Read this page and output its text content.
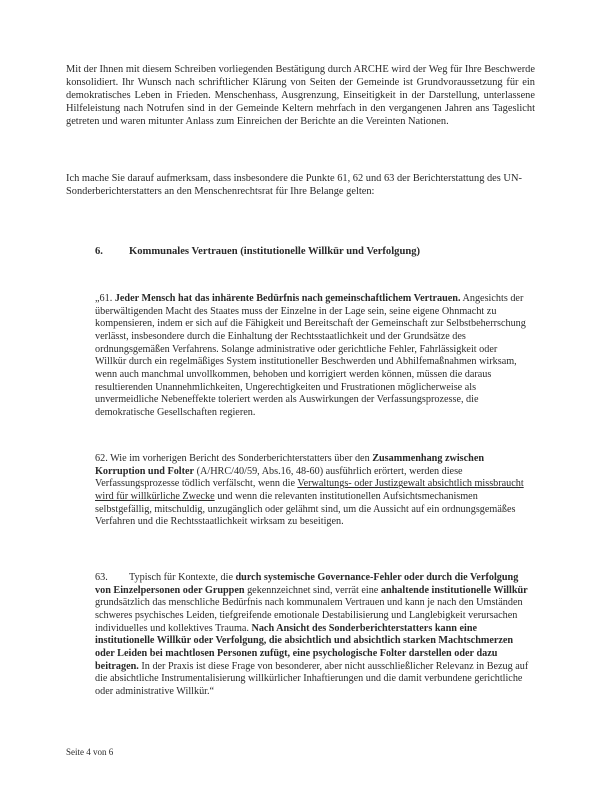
Mit der Ihnen mit diesem Schreiben vorliegenden Bestätigung durch ARCHE wird der Weg für Ihre Beschwerde konsolidiert. Ihr Wunsch nach schriftlicher Klärung von Seiten der Gemeinde ist Grundvoraussetzung für ein demokratisches Leben in Frieden. Menschenhass, Ausgrenzung, Einseitigkeit in der Darstellung, unterlassene Hilfeleistung nach Notrufen sind in der Gemeinde Keltern mehrfach in den vergangenen Jahren ans Tageslicht getreten und waren mitunter Anlass zum Einreichen der Berichte an die Vereinten Nationen.

Ich mache Sie darauf aufmerksam, dass insbesondere die Punkte 61, 62 und 63 der Berichterstattung des UN-Sonderberichterstatters an den Menschenrechtsrat für Ihre Belange gelten:

6. Kommunales Vertrauen (institutionelle Willkür und Verfolgung)

„61. Jeder Mensch hat das inhärente Bedürfnis nach gemeinschaftlichem Vertrauen. Angesichts der überwältigenden Macht des Staates muss der Einzelne in der Lage sein, seine eigene Ohnmacht zu kompensieren, indem er sich auf die Fähigkeit und Bereitschaft der Gemeinschaft zur Selbstbeherrschung verlässt, insbesondere durch die Einhaltung der Rechtsstaatlichkeit und der Grundsätze des ordnungsgemäßen Verfahrens. Solange administrative oder gerichtliche Fehler, Fahrlässigkeit oder Willkür durch ein regelmäßiges System institutioneller Beschwerden und Abhilfemaßnahmen wirksam, wenn auch manchmal unvollkommen, behoben und korrigiert werden können, müssen die daraus resultierenden Unannehmlichkeiten, Ungerechtigkeiten und Frustrationen möglicherweise als unvermeidliche Nebeneffekte toleriert werden als Auswirkungen der Verfassungsprozesse, die demokratische Gesellschaften regieren.

62. Wie im vorherigen Bericht des Sonderberichterstatters über den Zusammenhang zwischen Korruption und Folter (A/HRC/40/59, Abs.16, 48-60) ausführlich erörtert, werden diese Verfassungsprozesse tödlich verfälscht, wenn die Verwaltungs- oder Justizgewalt absichtlich missbraucht wird für willkürliche Zwecke und wenn die relevanten institutionellen Aufsichtsmechanismen selbstgefällig, mitschuldig, unzugänglich oder gelähmt sind, um die Aussicht auf ein ordnungsgemäßes Verfahren und die Rechtsstaatlichkeit wirksam zu beseitigen.

63. Typisch für Kontexte, die durch systemische Governance-Fehler oder durch die Verfolgung von Einzelpersonen oder Gruppen gekennzeichnet sind, verrät eine anhaltende institutionelle Willkür grundsätzlich das menschliche Bedürfnis nach kommunalem Vertrauen und kann je nach den Umständen schweres psychisches Leiden, tiefgreifende emotionale Destabilisierung und Langlebigkeit verursachen individuelles und kollektives Trauma. Nach Ansicht des Sonderberichterstatters kann eine institutionelle Willkür oder Verfolgung, die absichtlich und absichtlich starken Machtschmerzen oder Leiden bei machtlosen Personen zufügt, eine psychologische Folter darstellen oder dazu beitragen. In der Praxis ist diese Frage von besonderer, aber nicht ausschließlicher Relevanz in Bezug auf die absichtliche Instrumentalisierung willkürlicher Inhaftierungen und die damit verbundene gerichtliche oder administrative Willkür.“

Seite 4 von 6
